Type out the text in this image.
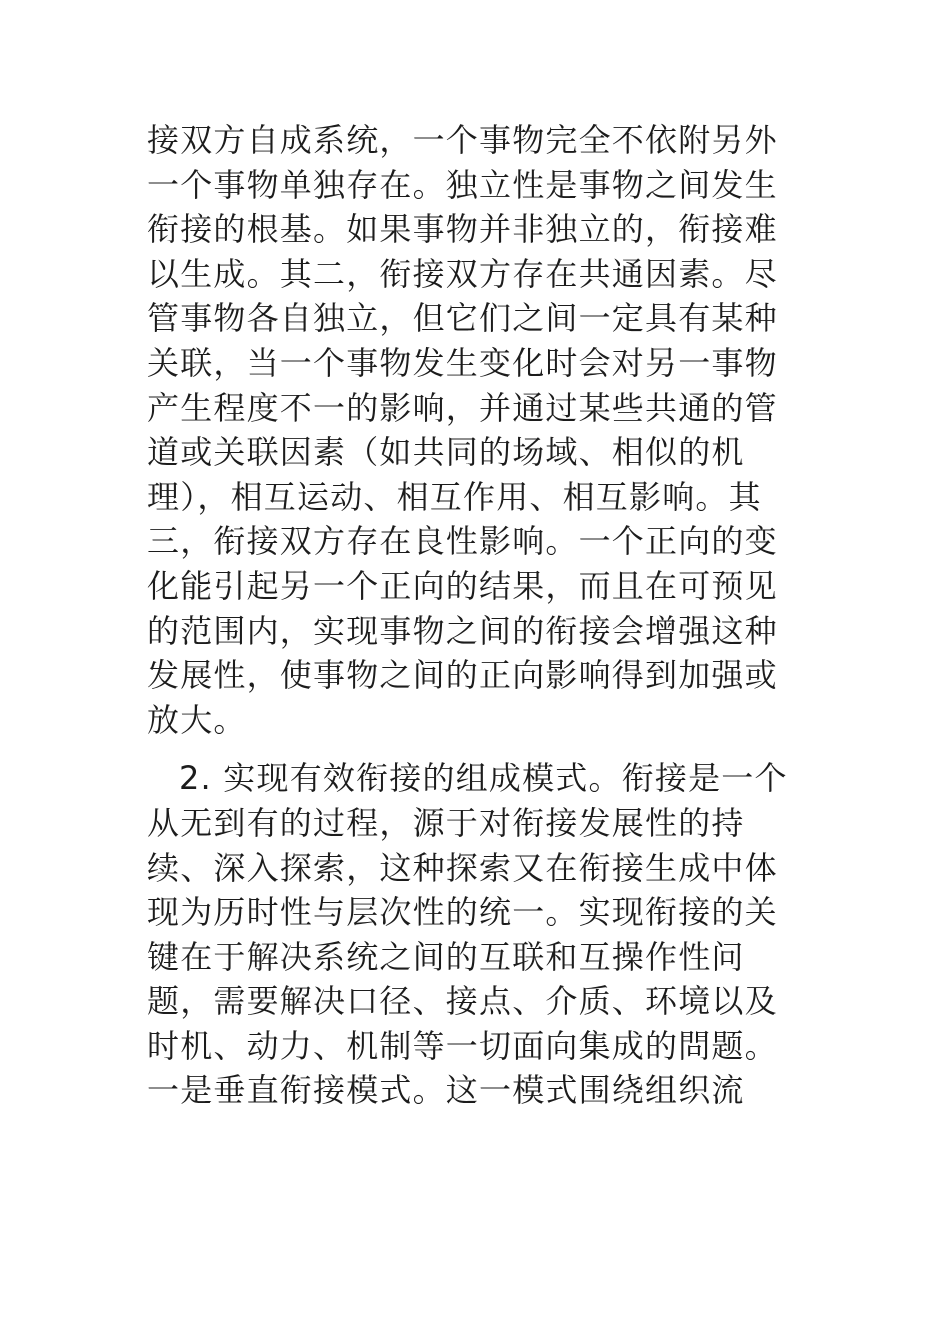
接双方自成系统，一个事物完全不依附另外
一个事物单独存在。独立性是事物之间发生
衔接的根基。如果事物并非独立的，衔接难
以生成。其二，衔接双方存在共通因素。尽
管事物各自独立，但它们之间一定具有某种
关联，当一个事物发生变化时会对另一事物
产生程度不一的影响，并通过某些共通的管
道或关联因素（如共同的场域、相似的机
理），相互运动、相互作用、相互影响。其
三，衔接双方存在良性影响。一个正向的变
化能引起另一个正向的结果，而且在可预见
的范围内，实现事物之间的衔接会增强这种
发展性，使事物之间的正向影响得到加强或
放大。
2. 实现有效衔接的组成模式。衔接是一个
从无到有的过程，源于对衔接发展性的持
续、深入探索，这种探索又在衔接生成中体
现为历时性与层次性的统一。实现衔接的关
键在于解决系统之间的互联和互操作性问
题，需要解决口径、接点、介质、环境以及
时机、动力、机制等一切面向集成的問题。
一是垂直衔接模式。这一模式围绕组织流
